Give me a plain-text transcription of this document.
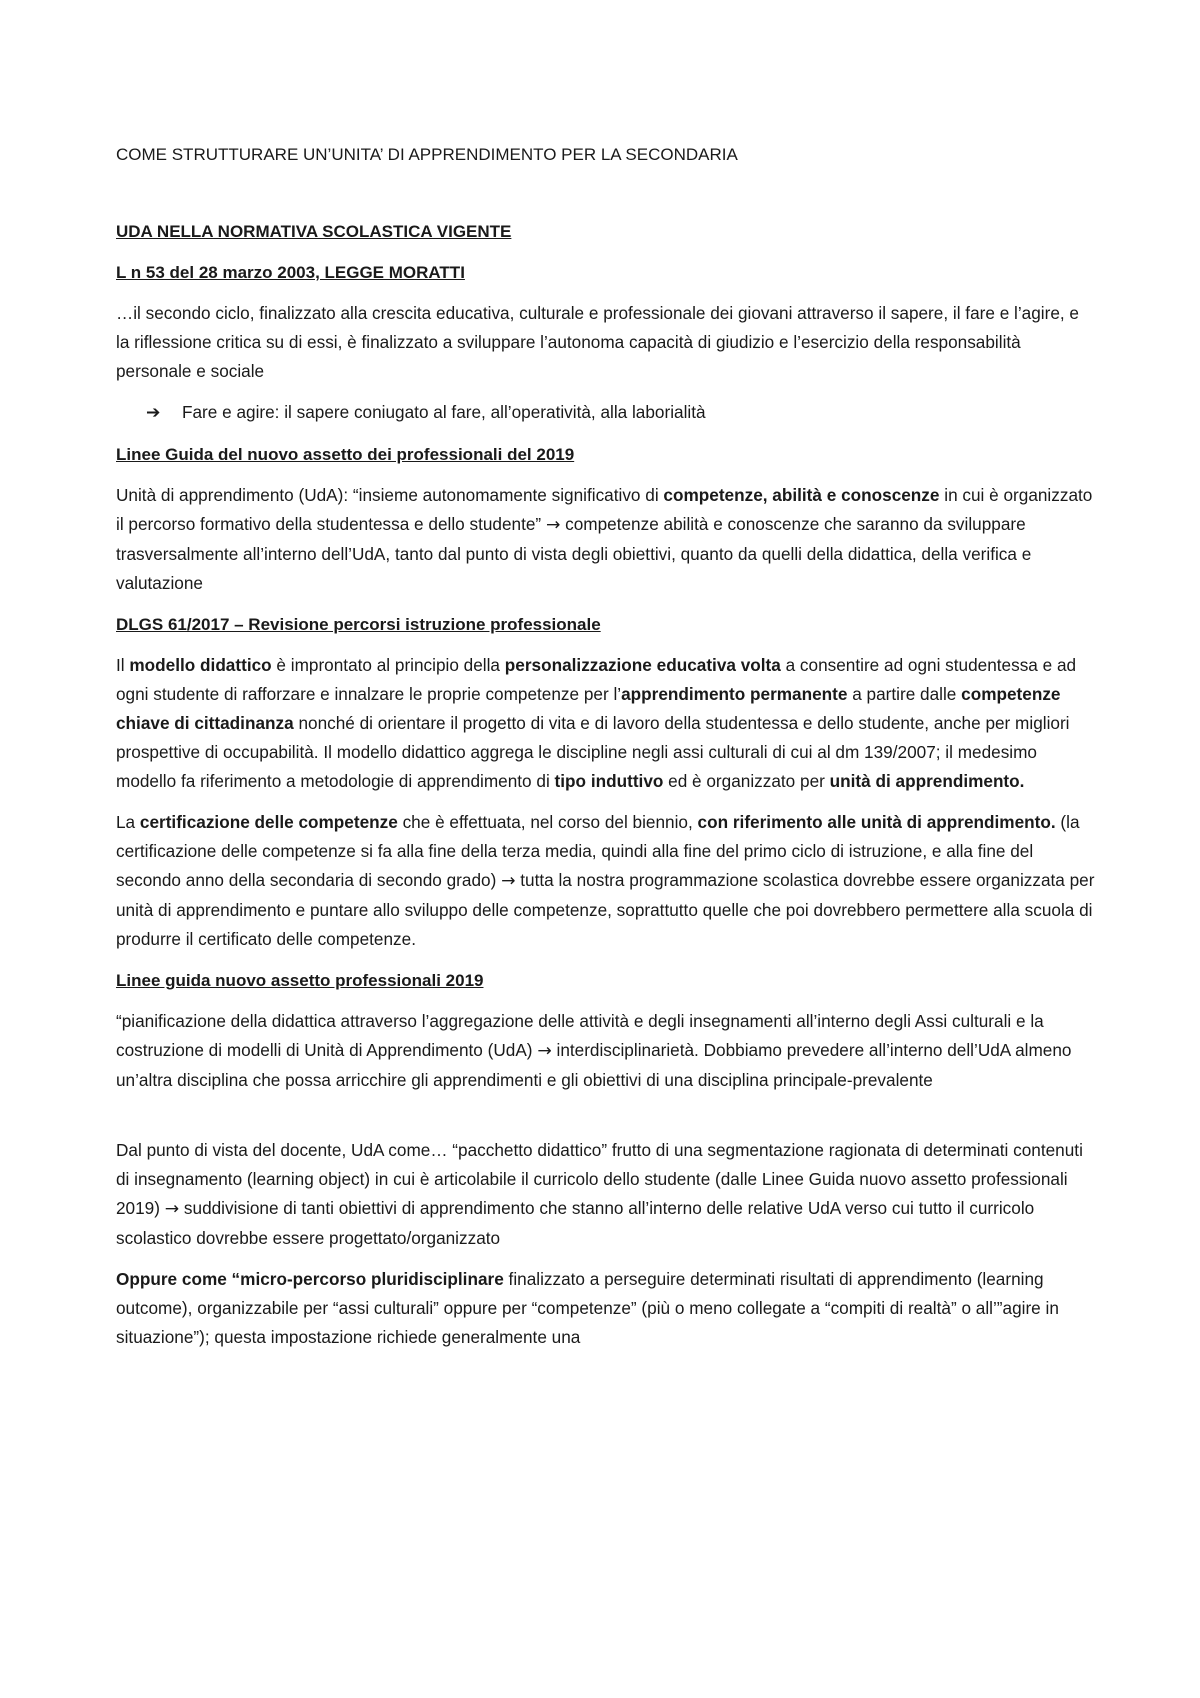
COME STRUTTURARE UN’UNITA’ DI APPRENDIMENTO PER LA SECONDARIA
UDA NELLA NORMATIVA SCOLASTICA VIGENTE
L n 53 del 28 marzo 2003, LEGGE MORATTI

…il secondo ciclo, finalizzato alla crescita educativa, culturale e professionale dei giovani attraverso il sapere, il fare e l’agire, e la riflessione critica su di essi, è finalizzato a sviluppare l’autonoma capacità di giudizio e l’esercizio della responsabilità personale e sociale

➔	Fare e agire: il sapere coniugato al fare, all’operatività, alla laborialità
Linee Guida del nuovo assetto dei professionali del 2019

Unità di apprendimento (UdA): “insieme autonomamente significativo di competenze, abilità e conoscenze in cui è organizzato il percorso formativo della studentessa e dello studente” → competenze abilità e conoscenze che saranno da sviluppare trasversalmente all’interno dell’UdA, tanto dal punto di vista degli obiettivi, quanto da quelli della didattica, della verifica e valutazione

DLGS 61/2017 – Revisione percorsi istruzione professionale

Il modello didattico è improntato al principio della personalizzazione educativa volta a consentire ad ogni studentessa e ad ogni studente di rafforzare e innalzare le proprie competenze per l’apprendimento permanente a partire dalle competenze chiave di cittadinanza nonché di orientare il progetto di vita e di lavoro della studentessa e dello studente, anche per migliori prospettive di occupabilità. Il modello didattico aggrega le discipline negli assi culturali di cui al dm 139/2007; il medesimo modello fa riferimento a metodologie di apprendimento di tipo induttivo ed è organizzato per unità di apprendimento.

La certificazione delle competenze che è effettuata, nel corso del biennio, con riferimento alle unità di apprendimento. (la certificazione delle competenze si fa alla fine della terza media, quindi alla fine del primo ciclo di istruzione, e alla fine del secondo anno della secondaria di secondo grado) → tutta la nostra programmazione scolastica dovrebbe essere organizzata per unità di apprendimento e puntare allo sviluppo delle competenze, soprattutto quelle che poi dovrebbero permettere alla scuola di produrre il certificato delle competenze.

Linee guida nuovo assetto professionali 2019

“pianificazione della didattica attraverso l’aggregazione delle attività e degli insegnamenti all’interno degli Assi culturali e la costruzione di modelli di Unità di Apprendimento (UdA) → interdisciplinarietà. Dobbiamo prevedere all’interno dell’UdA almeno un’altra disciplina che possa arricchire gli apprendimenti e gli obiettivi di una disciplina principale-prevalente

Dal punto di vista del docente, UdA come… “pacchetto didattico” frutto di una segmentazione ragionata di determinati contenuti di insegnamento (learning object) in cui è articolabile il curricolo dello studente (dalle Linee Guida nuovo assetto professionali 2019) → suddivisione di tanti obiettivi di apprendimento che stanno all’interno delle relative UdA verso cui tutto il curricolo scolastico dovrebbe essere progettato/organizzato

Oppure come “micro-percorso pluridisciplinare finalizzato a perseguire determinati risultati di apprendimento (learning outcome), organizzabile per “assi culturali” oppure per “competenze” (più o meno collegate a “compiti di realtà” o all’”agire in situazione”); questa impostazione richiede generalmente una
